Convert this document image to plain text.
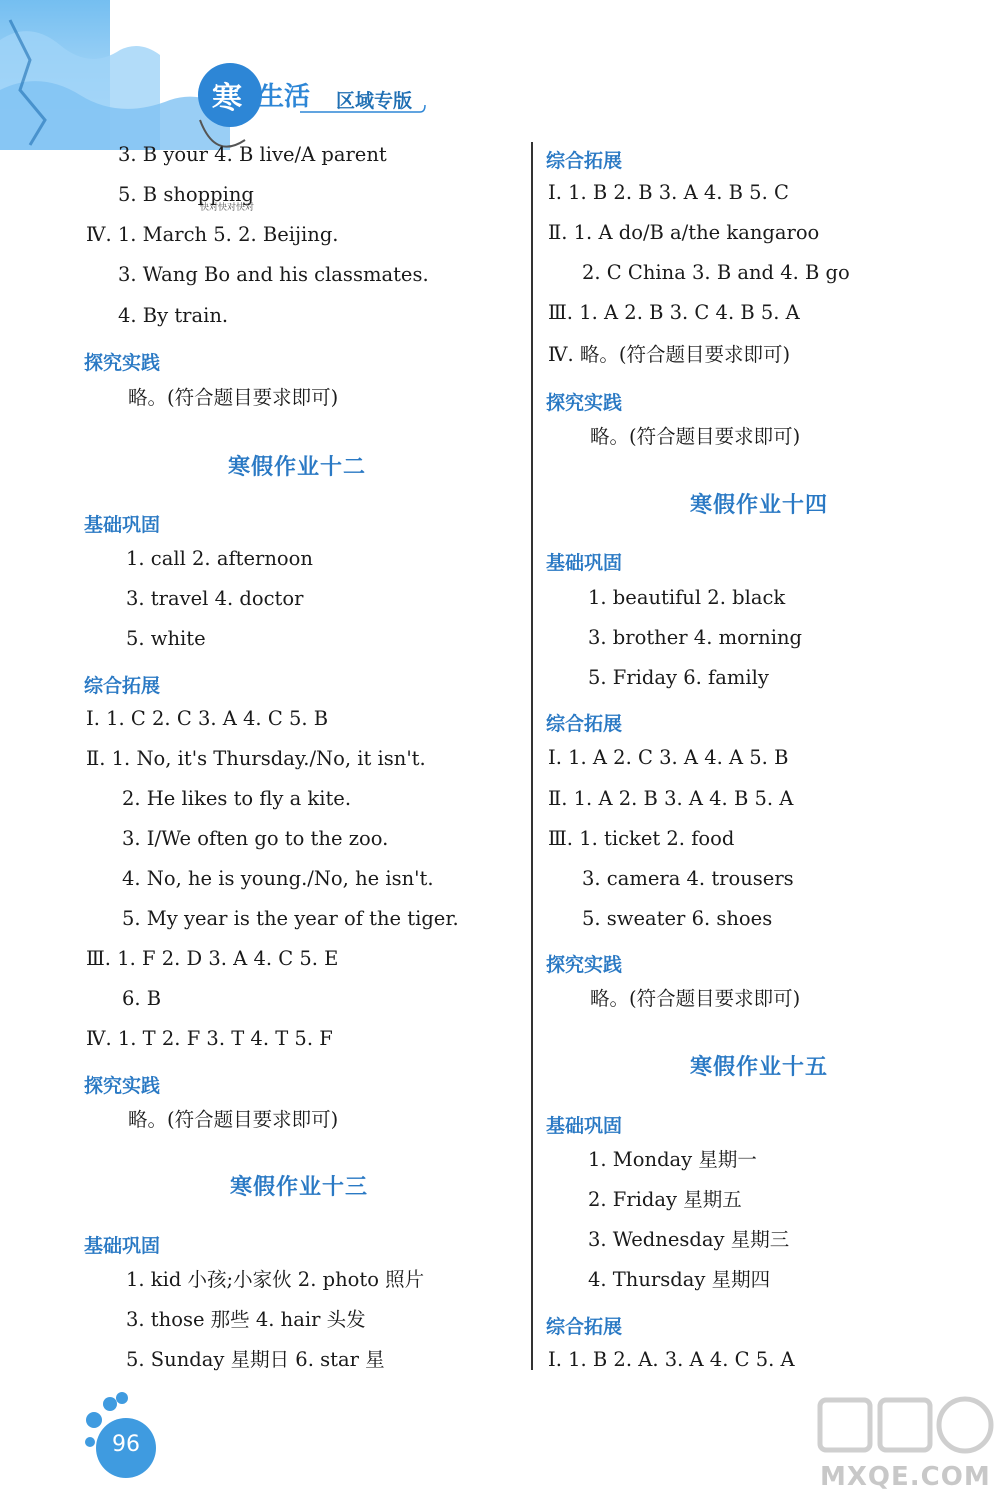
寒 生活 区域专版
快对快对快对
3. B your 4. B live/A parent
5. B shopping
Ⅳ. 1. March 5. 2. Beijing.
3. Wang Bo and his classmates.
4. By train.
探究实践
略。(符合题目要求即可)
寒假作业十二
基础巩固
1. call 2. afternoon
3. travel 4. doctor
5. white
综合拓展
Ⅰ. 1. C 2. C 3. A 4. C 5. B
Ⅱ. 1. No, it's Thursday./No, it isn't.
2. He likes to fly a kite.
3. I/We often go to the zoo.
4. No, he is young./No, he isn't.
5. My year is the year of the tiger.
Ⅲ. 1. F 2. D 3. A 4. C 5. E
6. B
Ⅳ. 1. T 2. F 3. T 4. T 5. F
探究实践
略。(符合题目要求即可)
寒假作业十三
基础巩固
1. kid 小孩;小家伙 2. photo 照片
3. those 那些 4. hair 头发
5. Sunday 星期日 6. star 星
综合拓展
Ⅰ. 1. B 2. B 3. A 4. B 5. C
Ⅱ. 1. A do/B a/the kangaroo
2. C China 3. B and 4. B go
Ⅲ. 1. A 2. B 3. C 4. B 5. A
Ⅳ. 略。(符合题目要求即可)
探究实践
略。(符合题目要求即可)
寒假作业十四
基础巩固
1. beautiful 2. black
3. brother 4. morning
5. Friday 6. family
综合拓展
Ⅰ. 1. A 2. C 3. A 4. A 5. B
Ⅱ. 1. A 2. B 3. A 4. B 5. A
Ⅲ. 1. ticket 2. food
3. camera 4. trousers
5. sweater 6. shoes
探究实践
略。(符合题目要求即可)
寒假作业十五
基础巩固
1. Monday 星期一
2. Friday 星期五
3. Wednesday 星期三
4. Thursday 星期四
综合拓展
Ⅰ. 1. B 2. A. 3. A 4. C 5. A
96
MXQE.COM
